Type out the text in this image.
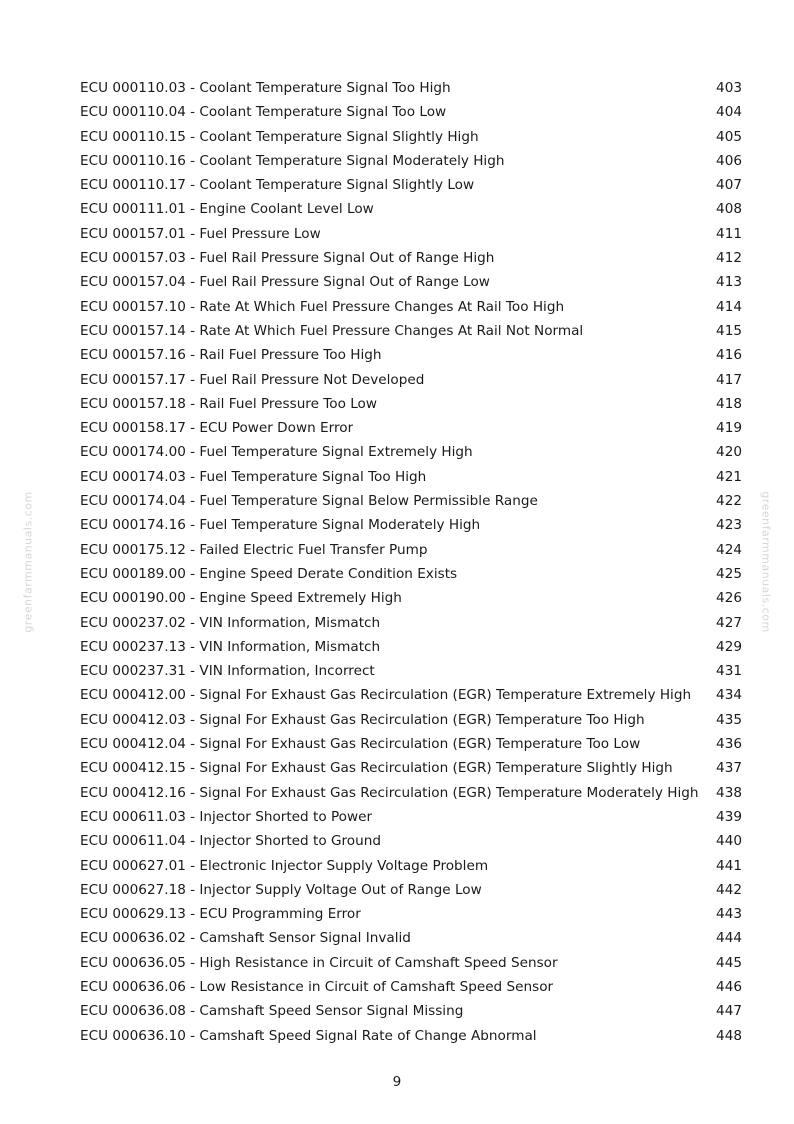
greenfarmmanuals.com	greenfarmmanuals.com
ECU 000110.03 - Coolant Temperature Signal Too High	403
ECU 000110.04 - Coolant Temperature Signal Too Low	404
ECU 000110.15 - Coolant Temperature Signal Slightly High	405
ECU 000110.16 - Coolant Temperature Signal Moderately High	406
ECU 000110.17 - Coolant Temperature Signal Slightly Low	407
ECU 000111.01 - Engine Coolant Level Low	408
ECU 000157.01 - Fuel Pressure Low	411
ECU 000157.03 - Fuel Rail Pressure Signal Out of Range High	412
ECU 000157.04 - Fuel Rail Pressure Signal Out of Range Low	413
ECU 000157.10 - Rate At Which Fuel Pressure Changes At Rail Too High	414
ECU 000157.14 - Rate At Which Fuel Pressure Changes At Rail Not Normal	415
ECU 000157.16 - Rail Fuel Pressure Too High	416
ECU 000157.17 - Fuel Rail Pressure Not Developed	417
ECU 000157.18 - Rail Fuel Pressure Too Low	418
ECU 000158.17 - ECU Power Down Error	419
ECU 000174.00 - Fuel Temperature Signal Extremely High	420
ECU 000174.03 - Fuel Temperature Signal Too High	421
ECU 000174.04 - Fuel Temperature Signal Below Permissible Range	422
ECU 000174.16 - Fuel Temperature Signal Moderately High	423
ECU 000175.12 - Failed Electric Fuel Transfer Pump	424
ECU 000189.00 - Engine Speed Derate Condition Exists	425
ECU 000190.00 - Engine Speed Extremely High	426
ECU 000237.02 - VIN Information, Mismatch	427
ECU 000237.13 - VIN Information, Mismatch	429
ECU 000237.31 - VIN Information, Incorrect	431
ECU 000412.00 - Signal For Exhaust Gas Recirculation (EGR) Temperature Extremely High 434
ECU 000412.03 - Signal For Exhaust Gas Recirculation (EGR) Temperature Too High	435
ECU 000412.04 - Signal For Exhaust Gas Recirculation (EGR) Temperature Too Low	436
ECU 000412.15 - Signal For Exhaust Gas Recirculation (EGR) Temperature Slightly High	437
ECU 000412.16 - Signal For Exhaust Gas Recirculation (EGR) Temperature Moderately High 438
ECU 000611.03 - Injector Shorted to Power	439
ECU 000611.04 - Injector Shorted to Ground	440
ECU 000627.01 - Electronic Injector Supply Voltage Problem	441
ECU 000627.18 - Injector Supply Voltage Out of Range Low	442
ECU 000629.13 - ECU Programming Error	443
ECU 000636.02 - Camshaft Sensor Signal Invalid	444
ECU 000636.05 - High Resistance in Circuit of Camshaft Speed Sensor	445
ECU 000636.06 - Low Resistance in Circuit of Camshaft Speed Sensor	446
ECU 000636.08 - Camshaft Speed Sensor Signal Missing	447
ECU 000636.10 - Camshaft Speed Signal Rate of Change Abnormal	448
9
